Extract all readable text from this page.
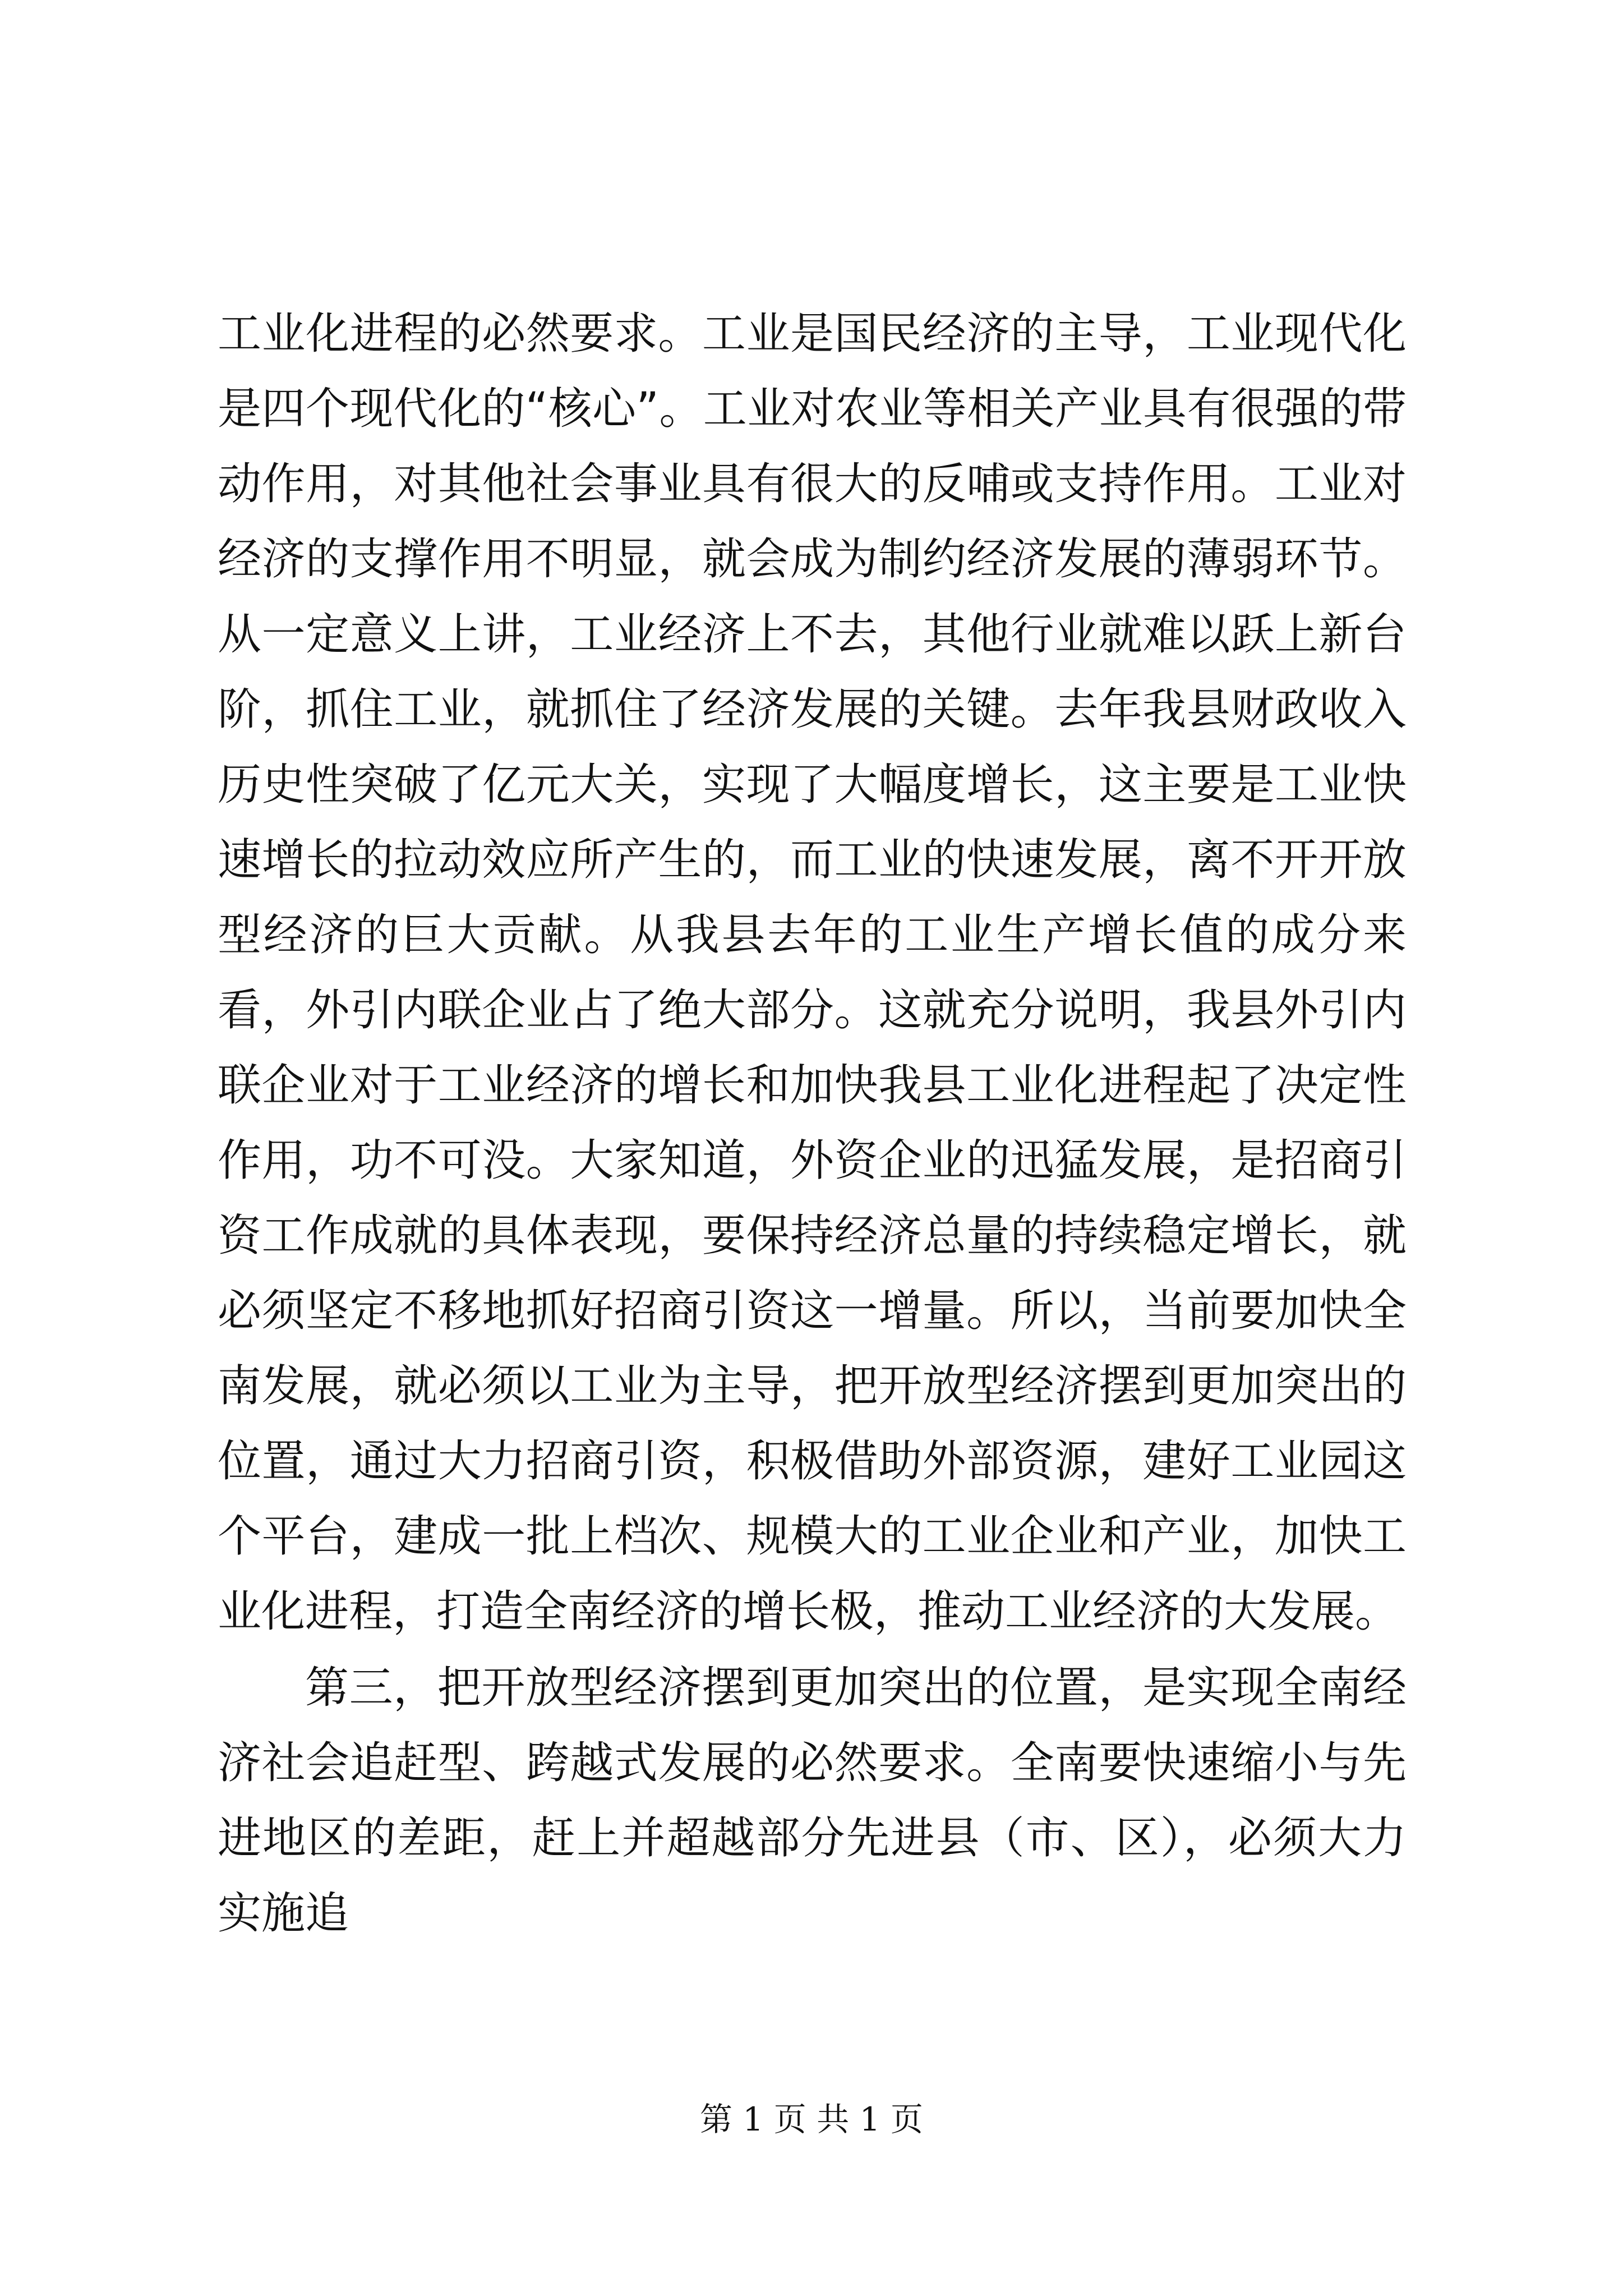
工业化进程的必然要求。工业是国民经济的主导，工业现代化是四个现代化的“核心”。工业对农业等相关产业具有很强的带动作用，对其他社会事业具有很大的反哺或支持作用。工业对经济的支撑作用不明显，就会成为制约经济发展的薄弱环节。从一定意义上讲，工业经济上不去，其他行业就难以跃上新台阶，抓住工业，就抓住了经济发展的关键。去年我县财政收入历史性突破了亿元大关，实现了大幅度增长，这主要是工业快速增长的拉动效应所产生的，而工业的快速发展，离不开开放型经济的巨大贡献。从我县去年的工业生产增长值的成分来看，外引内联企业占了绝大部分。这就充分说明，我县外引内联企业对于工业经济的增长和加快我县工业化进程起了决定性作用，功不可没。大家知道，外资企业的迅猛发展，是招商引资工作成就的具体表现，要保持经济总量的持续稳定增长，就必须坚定不移地抓好招商引资这一增量。所以，当前要加快全南发展，就必须以工业为主导，把开放型经济摆到更加突出的位置，通过大力招商引资，积极借助外部资源，建好工业园这个平台，建成一批上档次、规模大的工业企业和产业，加快工业化进程，打造全南经济的增长极，推动工业经济的大发展。

第三，把开放型经济摆到更加突出的位置，是实现全南经济社会追赶型、跨越式发展的必然要求。全南要快速缩小与先进地区的差距，赶上并超越部分先进县（市、区），必须大力实施追

第 1 页 共 1 页
